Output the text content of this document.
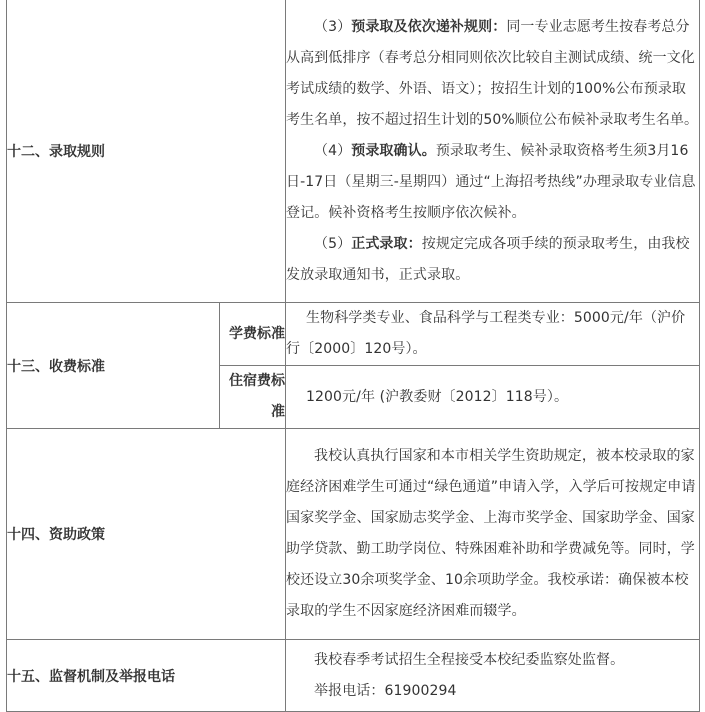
十二、录取规则		（3）预录取及依次递补规则：同一专业志愿考生按春考总分从高到低排序（春考总分相同则依次比较自主测试成绩、统一文化考试成绩的数学、外语、语文）；按招生计划的100%公布预录取考生名单，按不超过招生计划的50%顺位公布候补录取考生名单。

（4）预录取确认。预录取考生、候补录取资格考生须3月16日-17日（星期三-星期四）通过“上海招考热线”办理录取专业信息登记。候补资格考生按顺序依次候补。

（5）正式录取：按规定完成各项手续的预录取考生，由我校发放录取通知书，正式录取。

十三、收费标准	学费标准	生物科学类专业、食品科学与工程类专业：5000元/年（沪价行〔2000〕120号）。

	住宿费标准	1200元/年 (沪教委财〔2012〕118号）。

十四、资助政策		我校认真执行国家和本市相关学生资助规定，被本校录取的家庭经济困难学生可通过“绿色通道”申请入学，入学后可按规定申请国家奖学金、国家励志奖学金、上海市奖学金、国家助学金、国家助学贷款、勤工助学岗位、特殊困难补助和学费减免等。同时，学校还设立30余项奖学金、10余项助学金。我校承诺：确保被本校录取的学生不因家庭经济困难而辍学。

十五、监督机制及举报电话		我校春季考试招生全程接受本校纪委监察处监督。

举报电话：61900294
